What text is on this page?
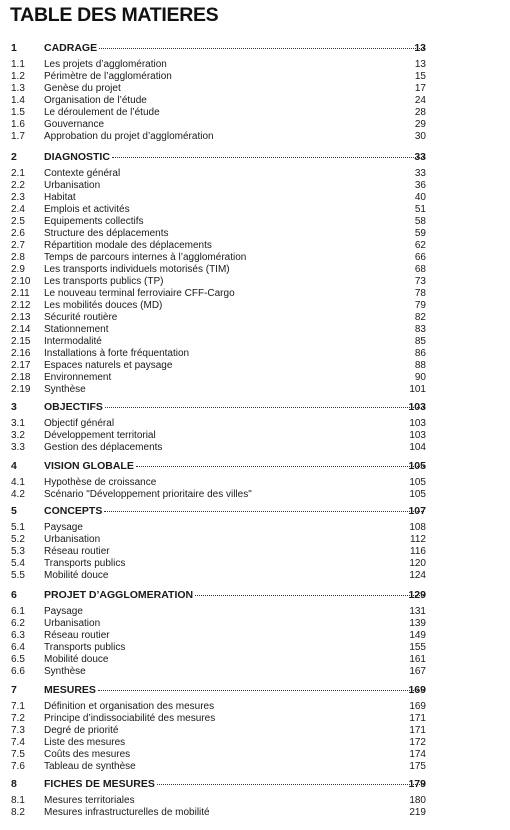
TABLE DES MATIERES
1	CADRAGE	13
1.1 Les projets d’agglomération	13
1.2 Périmètre de l’agglomération	15
1.3 Genèse du projet	17
1.4 Organisation de l’étude	24
1.5 Le déroulement de l’étude	28
1.6 Gouvernance	29
1.7 Approbation du projet d’agglomération	30
2	DIAGNOSTIC	33
2.1 Contexte général	33
2.2 Urbanisation	36
2.3 Habitat	40
2.4 Emplois et activités	51
2.5 Equipements collectifs	58
2.6 Structure des déplacements	59
2.7 Répartition modale des déplacements	62
2.8 Temps de parcours internes à l’agglomération	66
2.9 Les transports individuels motorisés (TIM)	68
2.10 Les transports publics (TP)	73
2.11 Le nouveau terminal ferroviaire CFF-Cargo	78
2.12 Les mobilités douces (MD)	79
2.13 Sécurité routière	82
2.14 Stationnement	83
2.15 Intermodalité	85
2.16 Installations à forte fréquentation	86
2.17 Espaces naturels et paysage	88
2.18 Environnement	90
2.19 Synthèse	101
3	OBJECTIFS	103
3.1 Objectif général	103
3.2 Développement territorial	103
3.3 Gestion des déplacements	104
4	VISION GLOBALE	105
4.1 Hypothèse de croissance	105
4.2 Scénario "Développement prioritaire des villes"	105
5	CONCEPTS	107
5.1 Paysage	108
5.2 Urbanisation	112
5.3 Réseau routier	116
5.4 Transports publics	120
5.5 Mobilité douce	124
6	PROJET D’AGGLOMERATION	129
6.1 Paysage	131
6.2 Urbanisation	139
6.3 Réseau routier	149
6.4 Transports publics	155
6.5 Mobilité douce	161
6.6 Synthèse	167
7	MESURES	169
7.1 Définition et organisation des mesures	169
7.2 Principe d’indissociabilité des mesures	171
7.3 Degré de priorité	171
7.4 Liste des mesures	172
7.5 Coûts des mesures	174
7.6 Tableau de synthèse	175
8	FICHES DE MESURES	179
8.1 Mesures territoriales	180
8.2 Mesures infrastructurelles de mobilité	219
